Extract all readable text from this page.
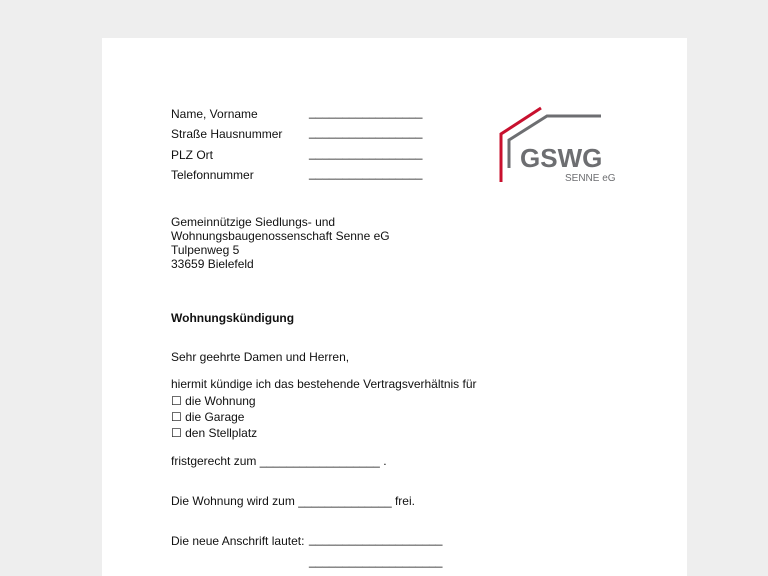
Name, Vorname	_________________
Straße Hausnummer _________________
PLZ Ort	_________________
Telefonnummer	_________________	GSWG
SENNE eG
Gemeinnützige Siedlungs- und
Wohnungsbaugenossenschaft Senne eG
Tulpenweg 5
33659 Bielefeld
Wohnungskündigung
Sehr geehrte Damen und Herren,
hiermit kündige ich das bestehende Vertragsverhältnis für
☐ die Wohnung
☐ die Garage
☐ den Stellplatz
fristgerecht zum __________________ .
Die Wohnung wird zum ______________ frei.
Die neue Anschrift lautet: ____________________
____________________
